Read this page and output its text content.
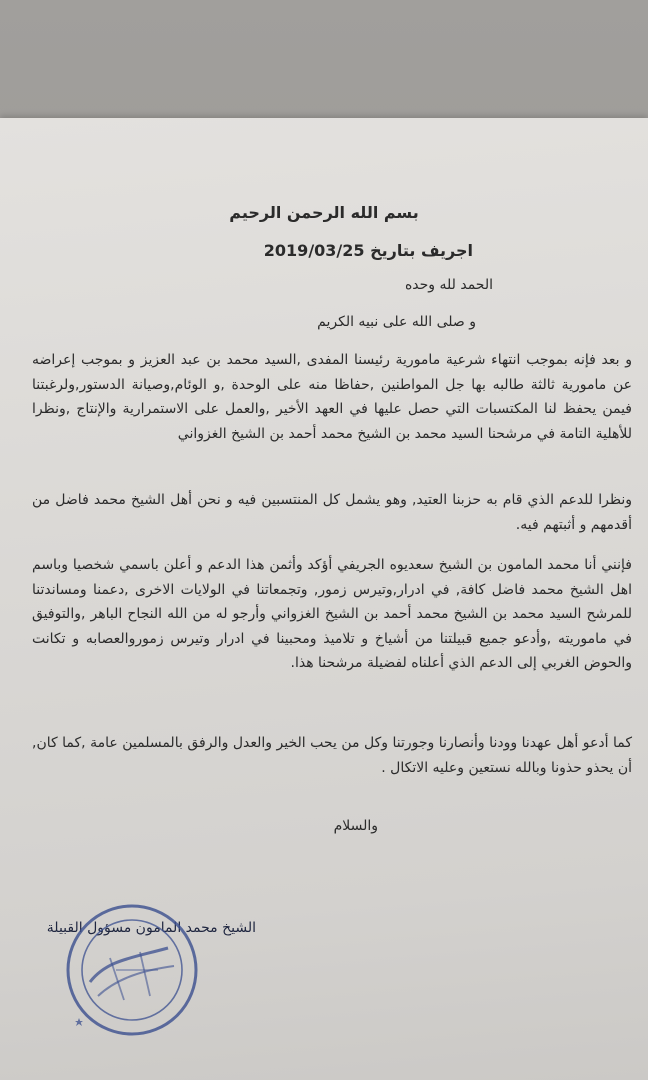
بسم الله الرحمن الرحيم
اجريف بتاريخ 2019/03/25
الحمد لله وحده
و صلى الله على نبيه الكريم
و بعد فإنه بموجب انتهاء شرعية مامورية رئيسنا المفدى ,السيد محمد بن عبد العزيز و بموجب إعراضه عن مامورية ثالثة طالبه بها جل المواطنين ,حفاظا منه على الوحدة ,و الوئام,وصيانة الدستور,ولرغبتنا فيمن يحفظ لنا المكتسبات التي حصل عليها في العهد الأخير ,والعمل على الاستمرارية والإنتاج ,ونظرا للأهلية التامة في مرشحنا السيد محمد بن الشيخ محمد أحمد بن الشيخ الغزواني
ونظرا للدعم الذي قام به حزبنا العتيد, وهو يشمل كل المنتسبين فيه و نحن أهل الشيخ محمد فاضل من أقدمهم و أثبتهم فيه.
فإنني أنا محمد المامون بن الشيخ سعديوه الجريفي أؤكد وأثمن هذا الدعم و أعلن باسمي شخصيا وباسم اهل الشيخ محمد فاضل كافة, في ادرار,وتيرس زمور, وتجمعاتنا في الولايات الاخرى ,دعمنا ومساندتنا للمرشح السيد محمد بن الشيخ محمد أحمد بن الشيخ الغزواني وأرجو له من الله النجاح الباهر ,والتوفيق في ماموريته ,وأدعو جميع قبيلتنا من أشياخ و تلاميذ ومحبينا في ادرار وتيرس زموروالعصابه و تكانت والحوض الغربي إلى الدعم الذي أعلناه لفضيلة مرشحنا هذا.
كما أدعو أهل عهدنا وودنا وأنصارنا وجورتنا وكل من يحب الخير والعدل والرفق بالمسلمين عامة ,كما كان, أن يحذو حذونا وبالله نستعين وعليه الاتكال .
والسلام
الشيخ محمد المامون مسؤول القبيلة
